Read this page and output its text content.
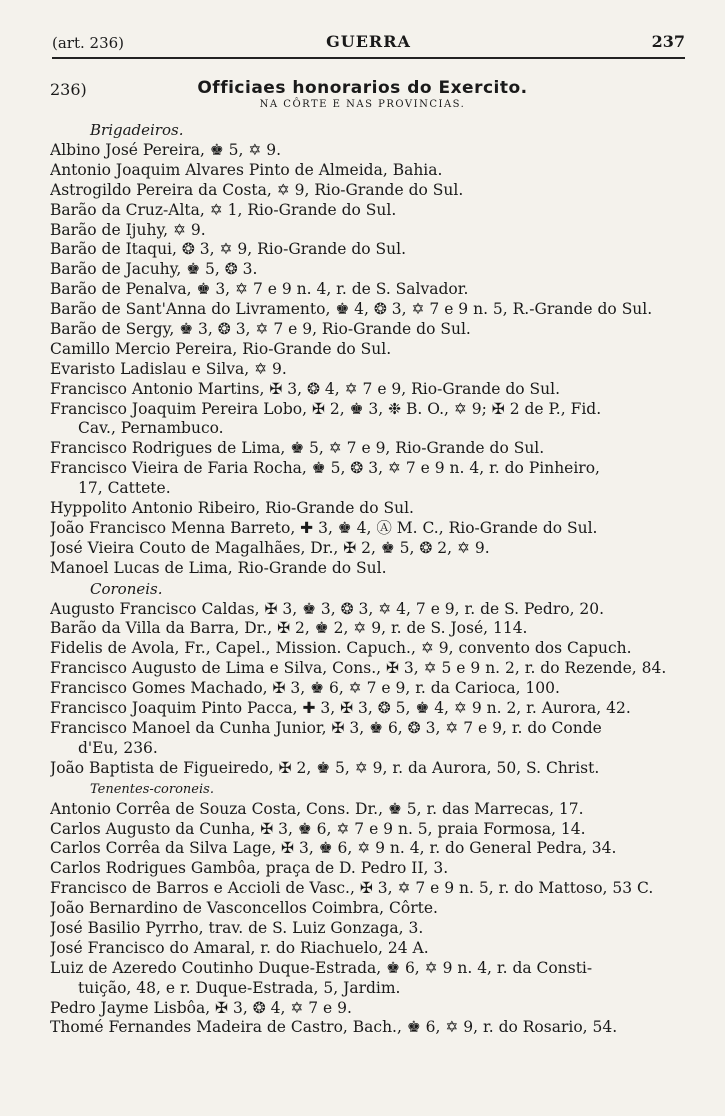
(art. 236)	GUERRA	237
236)	Officiaes honorarios do Exercito.
NA CÔRTE E NAS PROVINCIAS.
Brigadeiros.
Albino José Pereira, ♚ 5, ✡ 9.
Antonio Joaquim Alvares Pinto de Almeida, Bahia.
Astrogildo Pereira da Costa, ✡ 9, Rio-Grande do Sul.
Barão da Cruz-Alta, ✡ 1, Rio-Grande do Sul.
Barão de Ijuhy, ✡ 9.
Barão de Itaqui, ❂ 3, ✡ 9, Rio-Grande do Sul.
Barão de Jacuhy, ♚ 5, ❂ 3.
Barão de Penalva, ♚ 3, ✡ 7 e 9 n. 4, r. de S. Salvador.
Barão de Sant'Anna do Livramento, ♚ 4, ❂ 3, ✡ 7 e 9 n. 5, R.-Grande do Sul.
Barão de Sergy, ♚ 3, ❂ 3, ✡ 7 e 9, Rio-Grande do Sul.
Camillo Mercio Pereira, Rio-Grande do Sul.
Evaristo Ladislau e Silva, ✡ 9.
Francisco Antonio Martins, ✠ 3, ❂ 4, ✡ 7 e 9, Rio-Grande do Sul.
Francisco Joaquim Pereira Lobo, ✠ 2, ♚ 3, ❉ B. O., ✡ 9; ✠ 2 de P., Fid.
Cav., Pernambuco.
Francisco Rodrigues de Lima, ♚ 5, ✡ 7 e 9, Rio-Grande do Sul.
Francisco Vieira de Faria Rocha, ♚ 5, ❂ 3, ✡ 7 e 9 n. 4, r. do Pinheiro,
17, Cattete.
Hyppolito Antonio Ribeiro, Rio-Grande do Sul.
João Francisco Menna Barreto, ✚ 3, ♚ 4, Ⓐ M. C., Rio-Grande do Sul.
José Vieira Couto de Magalhães, Dr., ✠ 2, ♚ 5, ❂ 2, ✡ 9.
Manoel Lucas de Lima, Rio-Grande do Sul.
Coroneis.
Augusto Francisco Caldas, ✠ 3, ♚ 3, ❂ 3, ✡ 4, 7 e 9, r. de S. Pedro, 20.
Barão da Villa da Barra, Dr., ✠ 2, ♚ 2, ✡ 9, r. de S. José, 114.
Fidelis de Avola, Fr., Capel., Mission. Capuch., ✡ 9, convento dos Capuch.
Francisco Augusto de Lima e Silva, Cons., ✠ 3, ✡ 5 e 9 n. 2, r. do Rezende, 84.
Francisco Gomes Machado, ✠ 3, ♚ 6, ✡ 7 e 9, r. da Carioca, 100.
Francisco Joaquim Pinto Pacca, ✚ 3, ✠ 3, ❂ 5, ♚ 4, ✡ 9 n. 2, r. Aurora, 42.
Francisco Manoel da Cunha Junior, ✠ 3, ♚ 6, ❂ 3, ✡ 7 e 9, r. do Conde
d'Eu, 236.
João Baptista de Figueiredo, ✠ 2, ♚ 5, ✡ 9, r. da Aurora, 50, S. Christ.
Tenentes-coroneis.
Antonio Corrêa de Souza Costa, Cons. Dr., ♚ 5, r. das Marrecas, 17.
Carlos Augusto da Cunha, ✠ 3, ♚ 6, ✡ 7 e 9 n. 5, praia Formosa, 14.
Carlos Corrêa da Silva Lage, ✠ 3, ♚ 6, ✡ 9 n. 4, r. do General Pedra, 34.
Carlos Rodrigues Gambôa, praça de D. Pedro II, 3.
Francisco de Barros e Accioli de Vasc., ✠ 3, ✡ 7 e 9 n. 5, r. do Mattoso, 53 C.
João Bernardino de Vasconcellos Coimbra, Côrte.
José Basilio Pyrrho, trav. de S. Luiz Gonzaga, 3.
José Francisco do Amaral, r. do Riachuelo, 24 A.
Luiz de Azeredo Coutinho Duque-Estrada, ♚ 6, ✡ 9 n. 4, r. da Consti-
tuição, 48, e r. Duque-Estrada, 5, Jardim.
Pedro Jayme Lisbôa, ✠ 3, ❂ 4, ✡ 7 e 9.
Thomé Fernandes Madeira de Castro, Bach., ♚ 6, ✡ 9, r. do Rosario, 54.
